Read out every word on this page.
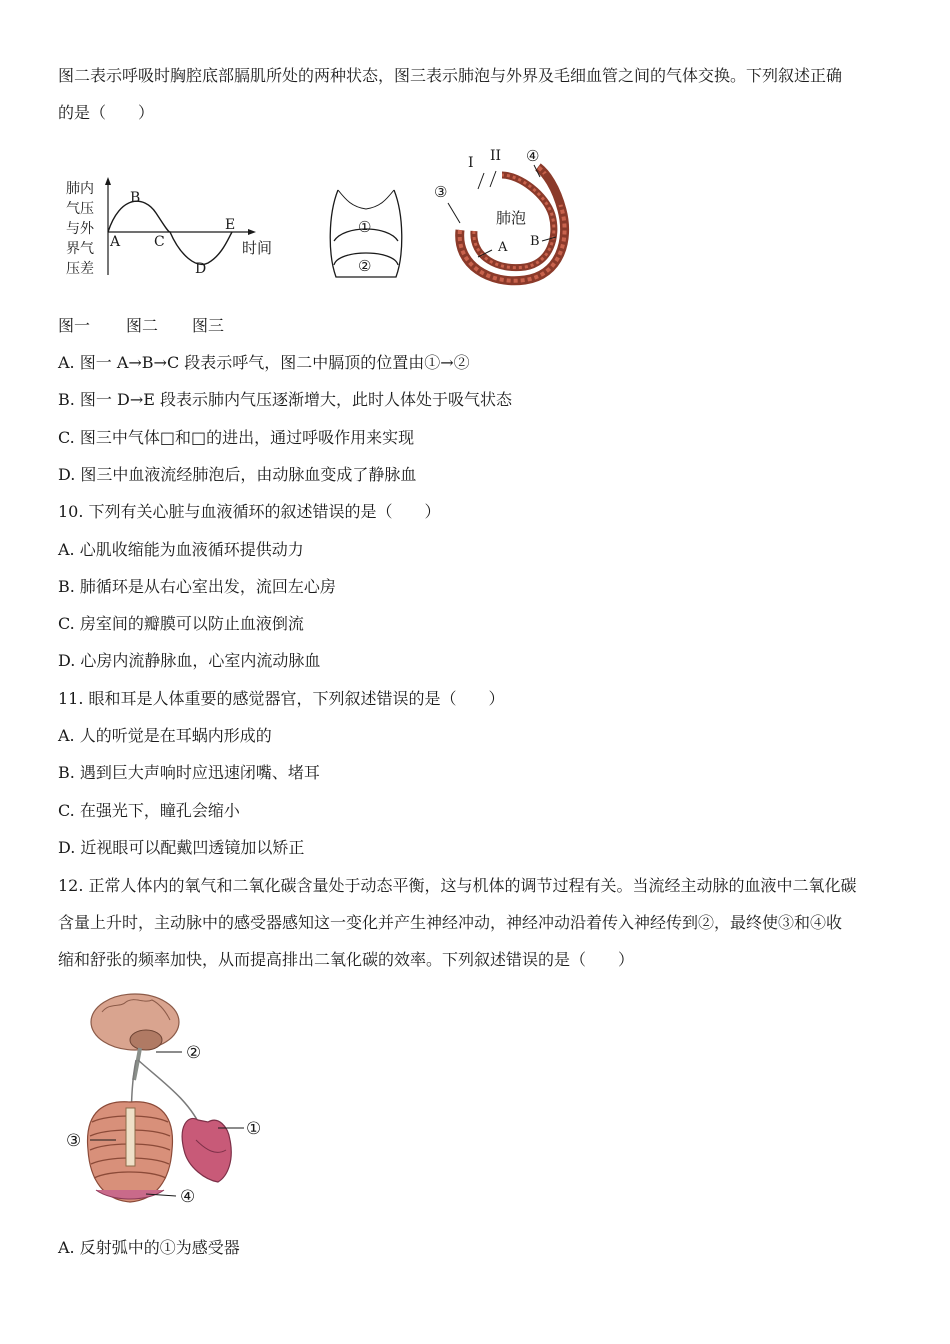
图二表示呼吸时胸腔底部膈肌所处的两种状态，图三表示肺泡与外界及毛细血管之间的气体交换。下列叙述正确
的是（　　）
肺内
气压
与外
界气
压差
时间
A
B
C
D
E	①
②
I II
③
④
肺泡
A B
图一 图二 图三
A. 图一 A→B→C 段表示呼气，图二中膈顶的位置由①→②
B. 图一 D→E 段表示肺内气压逐渐增大，此时人体处于吸气状态
C. 图三中气体□和□的进出，通过呼吸作用来实现
D. 图三中血液流经肺泡后，由动脉血变成了静脉血
10. 下列有关心脏与血液循环的叙述错误的是（　　）
A. 心肌收缩能为血液循环提供动力
B. 肺循环是从右心室出发，流回左心房
C. 房室间的瓣膜可以防止血液倒流
D. 心房内流静脉血，心室内流动脉血
11. 眼和耳是人体重要的感觉器官，下列叙述错误的是（　　）
A. 人的听觉是在耳蜗内形成的
B. 遇到巨大声响时应迅速闭嘴、堵耳
C. 在强光下，瞳孔会缩小
D. 近视眼可以配戴凹透镜加以矫正
12. 正常人体内的氧气和二氧化碳含量处于动态平衡，这与机体的调节过程有关。当流经主动脉的血液中二氧化碳
含量上升时，主动脉中的感受器感知这一变化并产生神经冲动，神经冲动沿着传入神经传到②，最终使③和④收
缩和舒张的频率加快，从而提高排出二氧化碳的效率。下列叙述错误的是（　　）
②
①
③
④
A. 反射弧中的①为感受器
